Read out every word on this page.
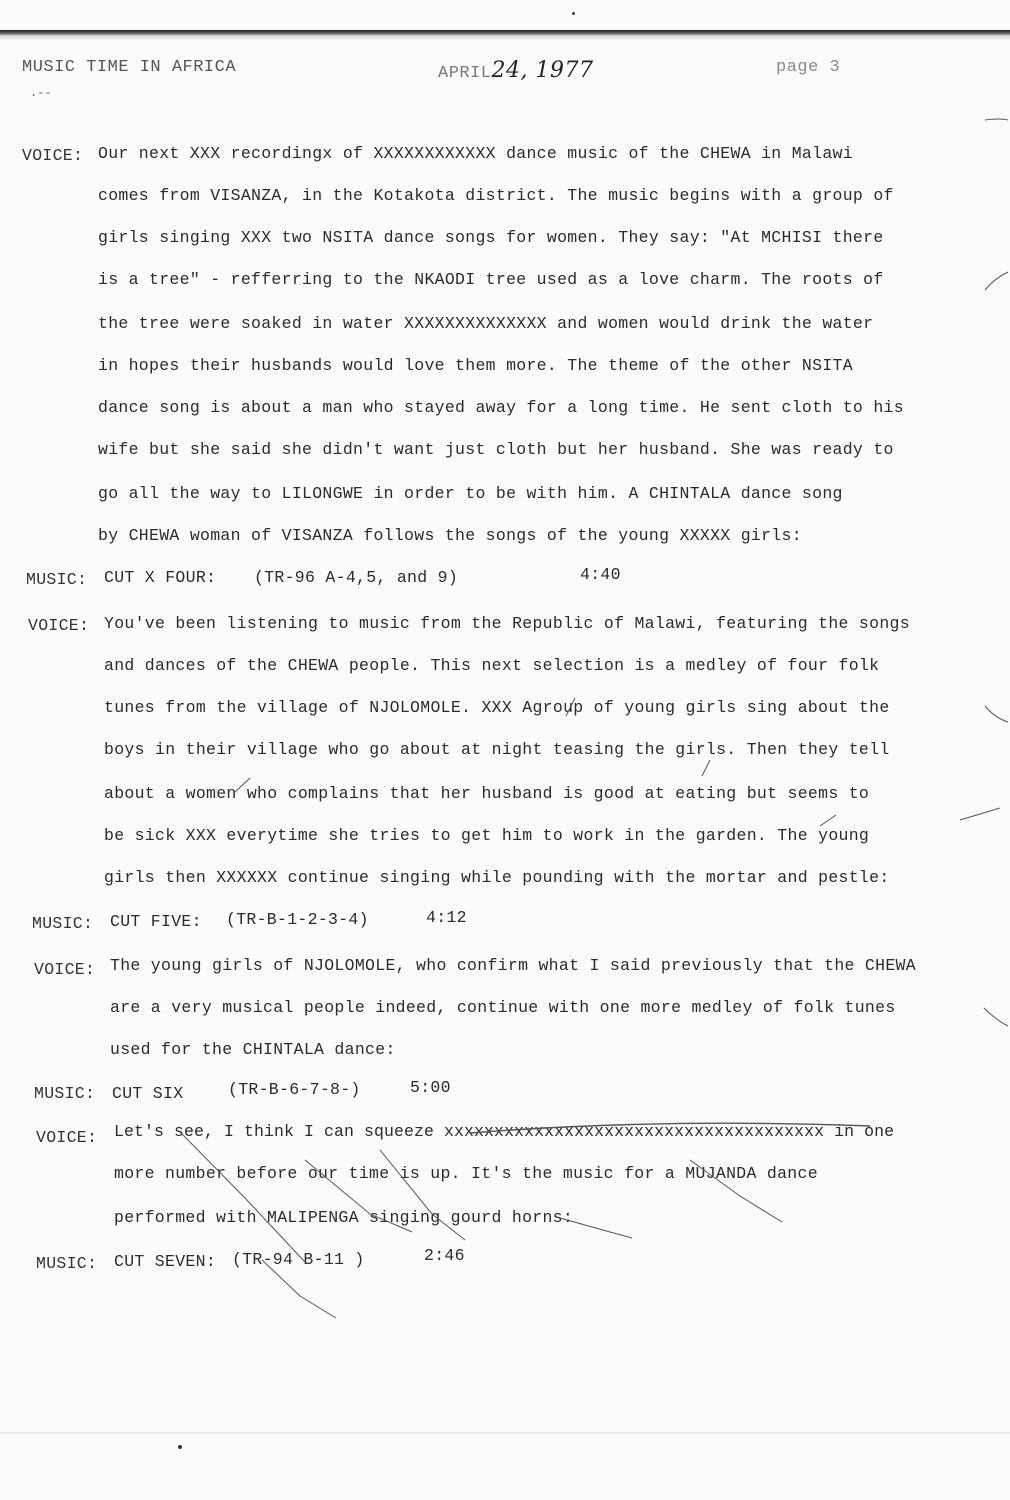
MUSIC TIME IN AFRICA	APRIL24, 1977	page 3
.--
VOICE: Our next XXX recordingx of XXXXXXXXXXXX dance music of the CHEWA in Malawi
comes from VISANZA, in the Kotakota district. The music begins with a group of
girls singing XXX two NSITA dance songs for women. They say: "At MCHISI there
is a tree" - refferring to the NKAODI tree used as a love charm. The roots of
the tree were soaked in water XXXXXXXXXXXXXX and women would drink the water
in hopes their husbands would love them more. The theme of the other NSITA
dance song is about a man who stayed away for a long time. He sent cloth to his
wife but she said she didn't want just cloth but her husband. She was ready to
go all the way to LILONGWE in order to be with him. A CHINTALA dance song
by CHEWA woman of VISANZA follows the songs of the young XXXXX girls:
MUSIC: CUT X FOUR: (TR-96 A-4,5, and 9)	4:40
VOICE: You've been listening to music from the Republic of Malawi, featuring the songs
and dances of the CHEWA people. This next selection is a medley of four folk
tunes from the village of NJOLOMOLE. XXX Agroup of young girls sing about the
boys in their village who go about at night teasing the girls. Then they tell
about a women who complains that her husband is good at eating but seems to
be sick XXX everytime she tries to get him to work in the garden. The young
girls then XXXXXX continue singing while pounding with the mortar and pestle:
MUSIC: CUT FIVE: (TR-B-1-2-3-4)	4:12
VOICE: The young girls of NJOLOMOLE, who confirm what I said previously that the CHEWA
are a very musical people indeed, continue with one more medley of folk tunes
used for the CHINTALA dance:
MUSIC: CUT SIX	(TR-B-6-7-8-)	5:00
VOICE: Let's see, I think I can squeeze xxxxxxxxxxxxxxxxxxxxxxxxxxxxxxxxxxxxxx in one
more number before our time is up. It's the music for a MUJANDA dance
performed with MALIPENGA singing gourd horns:
MUSIC: CUT SEVEN: (TR-94 B-11 )	2:46
